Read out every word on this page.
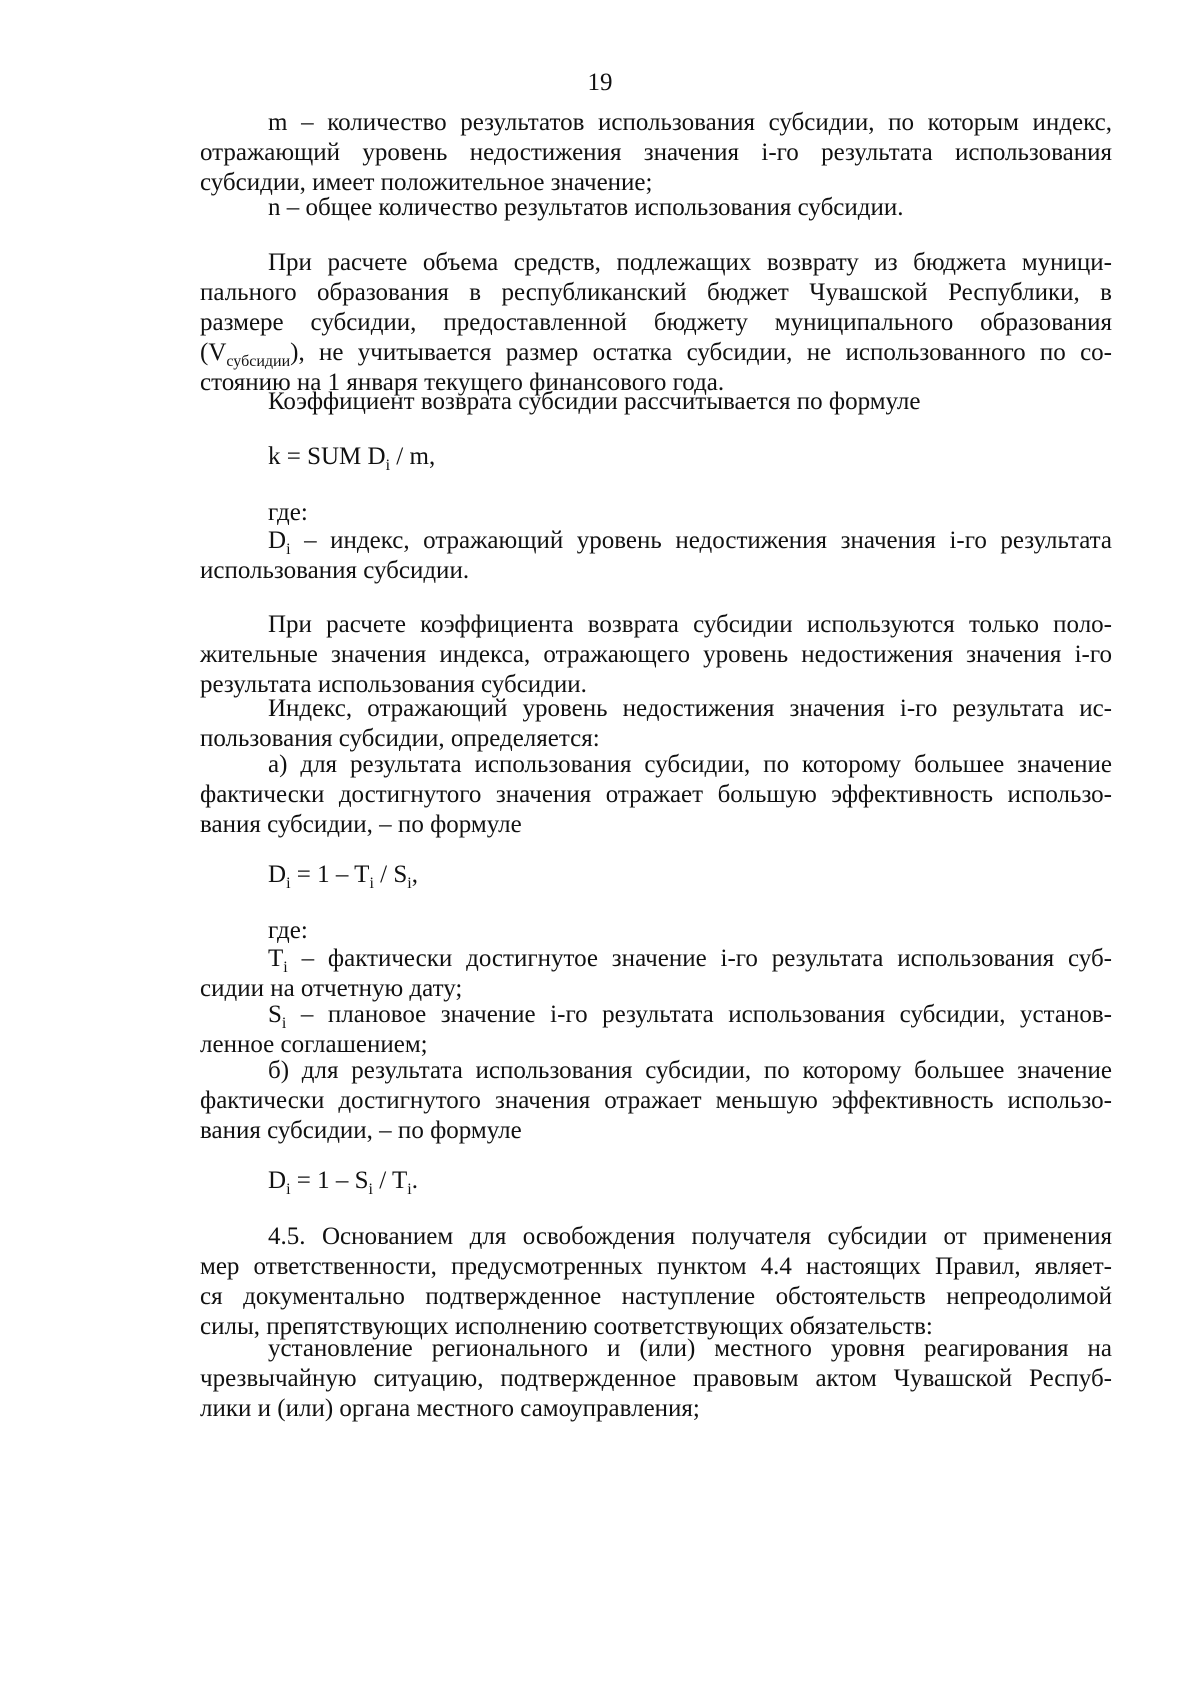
19
m – количество результатов использования субсидии, по которым индекс,
отражающий уровень недостижения значения i-го результата использования
субсидии, имеет положительное значение;
n – общее количество результатов использования субсидии.
При расчете объема средств, подлежащих возврату из бюджета муници-
пального образования в республиканский бюджет Чувашской Республики, в
размере субсидии, предоставленной бюджету муниципального образования
$(V_{субсидии})$, не учитывается размер остатка субсидии, не использованного по со-
стоянию на 1 января текущего финансового года.
Коэффициент возврата субсидии рассчитывается по формуле
k = SUM $D_i$ / m,
где:
$D_i$ – индекс, отражающий уровень недостижения значения i-го результата
использования субсидии.
При расчете коэффициента возврата субсидии используются только поло-
жительные значения индекса, отражающего уровень недостижения значения i-го
результата использования субсидии.
Индекс, отражающий уровень недостижения значения i-го результата ис-
пользования субсидии, определяется:
а) для результата использования субсидии, по которому большее значение
фактически достигнутого значения отражает большую эффективность использо-
вания субсидии, – по формуле
$D_i = 1 - T_i / S_i$,
где:
$T_i$ – фактически достигнутое значение i-го результата использования суб-
сидии на отчетную дату;
$S_i$ – плановое значение i-го результата использования субсидии, установ-
ленное соглашением;
б) для результата использования субсидии, по которому большее значение
фактически достигнутого значения отражает меньшую эффективность использо-
вания субсидии, – по формуле
$D_i = 1 - S_i / T_i$.
4.5. Основанием для освобождения получателя субсидии от применения
мер ответственности, предусмотренных пунктом 4.4 настоящих Правил, являет-
ся документально подтвержденное наступление обстоятельств непреодолимой
силы, препятствующих исполнению соответствующих обязательств:
установление регионального и (или) местного уровня реагирования на
чрезвычайную ситуацию, подтвержденное правовым актом Чувашской Респуб-
лики и (или) органа местного самоуправления;
